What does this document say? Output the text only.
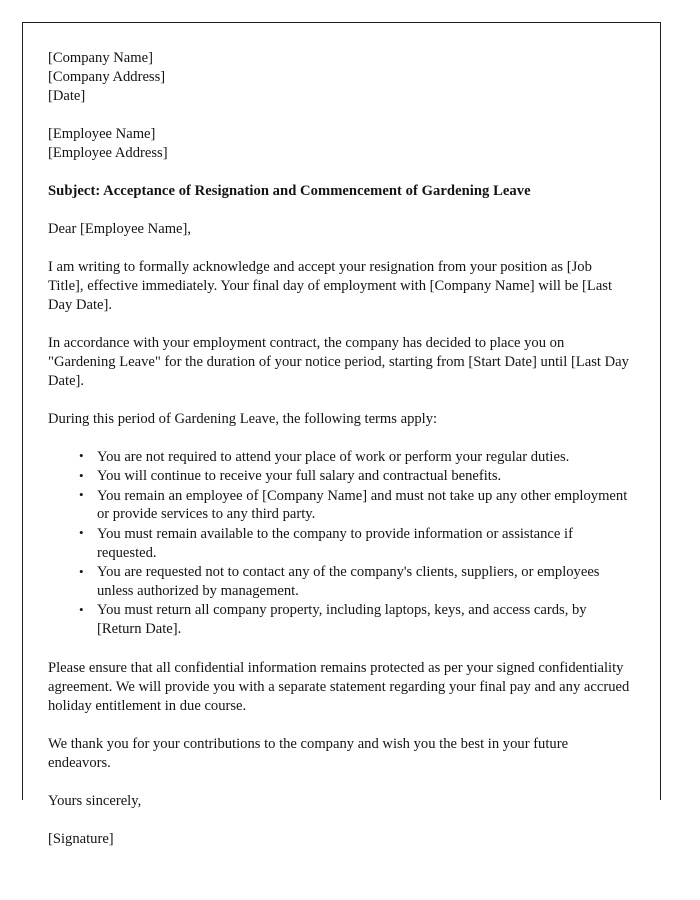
[Company Name]
[Company Address]
[Date]
[Employee Name]
[Employee Address]

Subject: Acceptance of Resignation and Commencement of Gardening Leave

Dear [Employee Name],

I am writing to formally acknowledge and accept your resignation from your position as [Job Title], effective immediately. Your final day of employment with [Company Name] will be [Last Day Date].

In accordance with your employment contract, the company has decided to place you on "Gardening Leave" for the duration of your notice period, starting from [Start Date] until [Last Day Date].

During this period of Gardening Leave, the following terms apply:

• You are not required to attend your place of work or perform your regular duties.
• You will continue to receive your full salary and contractual benefits.
• You remain an employee of [Company Name] and must not take up any other employment or provide services to any third party.
• You must remain available to the company to provide information or assistance if requested.
• You are requested not to contact any of the company's clients, suppliers, or employees unless authorized by management.
• You must return all company property, including laptops, keys, and access cards, by [Return Date].

Please ensure that all confidential information remains protected as per your signed confidentiality agreement. We will provide you with a separate statement regarding your final pay and any accrued holiday entitlement in due course.

We thank you for your contributions to the company and wish you the best in your future endeavors.

Yours sincerely,

[Signature]
